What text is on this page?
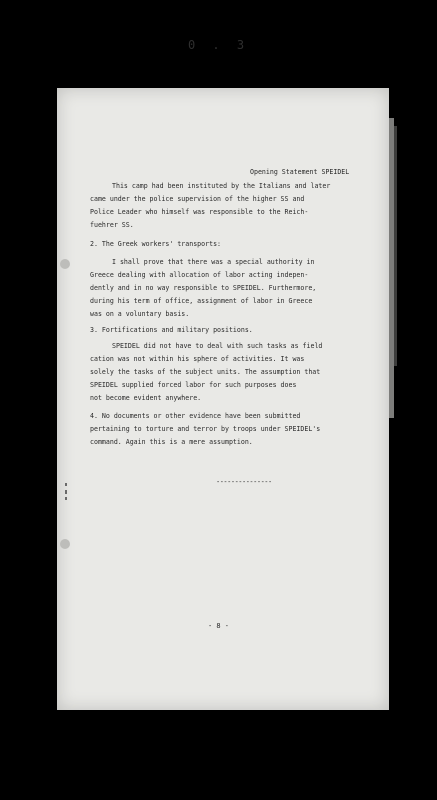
0 . 3
Opening Statement SPEIDEL
This camp had been instituted by the Italians and later
came under the police supervision of the higher SS and
Police Leader who himself was responsible to the Reich-
fuehrer SS.
2. The Greek workers' transports:
I shall prove that there was a special authority in
Greece dealing with allocation of labor acting indepen-
dently and in no way responsible to SPEIDEL. Furthermore,
during his term of office, assignment of labor in Greece
was on a voluntary basis.
3. Fortifications and military positions.
SPEIDEL did not have to deal with such tasks as field
cation was not within his sphere of activities. It was
solely the tasks of the subject units. The assumption that
SPEIDEL supplied forced labor for such purposes does
not become evident anywhere.
4. No documents or other evidence have been submitted
pertaining to torture and terror by troops under SPEIDEL's
command. Again this is a mere assumption.
---------------
- 8 -
